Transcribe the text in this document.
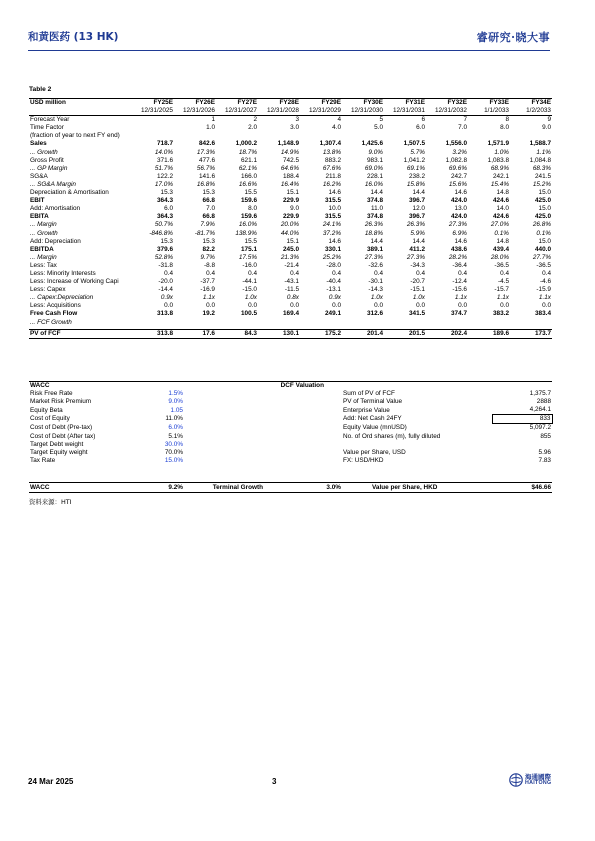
和黄医药 (13 HK)	睿研究·晓大事
Table 2
USD million	FY25E	FY26E	FY27E	FY28E	FY29E	FY30E	FY31E	FY32E	FY33E	FY34E
	12/31/2025	12/31/2026	12/31/2027	12/31/2028	12/31/2029	12/31/2030	12/31/2031	12/31/2032	1/1/2033	1/2/2033
Forecast Year		1	2	3	4	5	6	7	8	9
Time Factor		1.0	2.0	3.0	4.0	5.0	6.0	7.0	8.0	9.0
(fraction of year to next FY end)										
Sales	718.7	842.6	1,000.2	1,148.9	1,307.4	1,425.6	1,507.5	1,556.0	1,571.9	1,588.7
... Growth	14.0%	17.3%	18.7%	14.9%	13.8%	9.0%	5.7%	3.2%	1.0%	1.1%
Gross Profit	371.6	477.6	621.1	742.5	883.2	983.1	1,041.2	1,082.8	1,083.8	1,084.8
... GP Margin	51.7%	56.7%	62.1%	64.6%	67.6%	69.0%	69.1%	69.6%	68.9%	68.3%
SG&A	122.2	141.6	166.0	188.4	211.8	228.1	238.2	242.7	242.1	241.5
... SG&A Margin	17.0%	16.8%	16.6%	16.4%	16.2%	16.0%	15.8%	15.6%	15.4%	15.2%
Depreciation & Amortisation	15.3	15.3	15.5	15.1	14.6	14.4	14.4	14.6	14.8	15.0
EBIT	364.3	66.8	159.6	229.9	315.5	374.8	396.7	424.0	424.6	425.0
Add: Amortisation	6.0	7.0	8.0	9.0	10.0	11.0	12.0	13.0	14.0	15.0
EBITA	364.3	66.8	159.6	229.9	315.5	374.8	396.7	424.0	424.6	425.0
... Margin	50.7%	7.9%	16.0%	20.0%	24.1%	26.3%	26.3%	27.3%	27.0%	26.8%
... Growth	-846.8%	-81.7%	138.9%	44.0%	37.2%	18.8%	5.9%	6.9%	0.1%	0.1%
Add: Depreciation	15.3	15.3	15.5	15.1	14.6	14.4	14.4	14.6	14.8	15.0
EBITDA	379.6	82.2	175.1	245.0	330.1	389.1	411.2	438.6	439.4	440.0
... Margin	52.8%	9.7%	17.5%	21.3%	25.2%	27.3%	27.3%	28.2%	28.0%	27.7%
Less: Tax	-31.8	-8.8	-16.0	-21.4	-28.0	-32.6	-34.3	-36.4	-36.5	-36.5
Less: Minority Interests	0.4	0.4	0.4	0.4	0.4	0.4	0.4	0.4	0.4	0.4
Less: Increase of Working Capi	-20.0	-37.7	-44.1	-43.1	-40.4	-30.1	-20.7	-12.4	-4.5	-4.6
Less: Capex	-14.4	-16.9	-15.0	-11.5	-13.1	-14.3	-15.1	-15.6	-15.7	-15.9
... Capex:Depreciation	0.9x	1.1x	1.0x	0.8x	0.9x	1.0x	1.0x	1.1x	1.1x	1.1x
Less: Acquisitions	0.0	0.0	0.0	0.0	0.0	0.0	0.0	0.0	0.0	0.0
Free Cash Flow	313.8	19.2	100.5	169.4	249.1	312.6	341.5	374.7	383.2	383.4
... FCF Growth										

PV of FCF	313.8	17.6	84.3	130.1	175.2	201.4	201.5	202.4	189.6	173.7
WACC		DCF Valuation		
Risk Free Rate	1.5%		Sum of PV of FCF	1,375.7
Market Risk Premium	9.0%		PV of Terminal Value	2888
Equity Beta	1.05		Enterprise Value	4,264.1
Cost of Equity	11.0%		Add: Net Cash 24FY	833
Cost of Debt (Pre-tax)	6.0%		Equity Value (mnUSD)	5,097.2
Cost of Debt (After tax)	5.1%		No. of Ord shares (m), fully diluted	855
Target Debt weight	30.0%			
Target Equity weight	70.0%		Value per Share, USD	5.96
Tax Rate	15.0%		FX: USD/HKD	7.83
WACC	9.2%	Terminal Growth	3.0%	Value per Share, HKD	$46.66
资料来源：HTI
24 Mar 2025	3	海通國際
HAITONG
